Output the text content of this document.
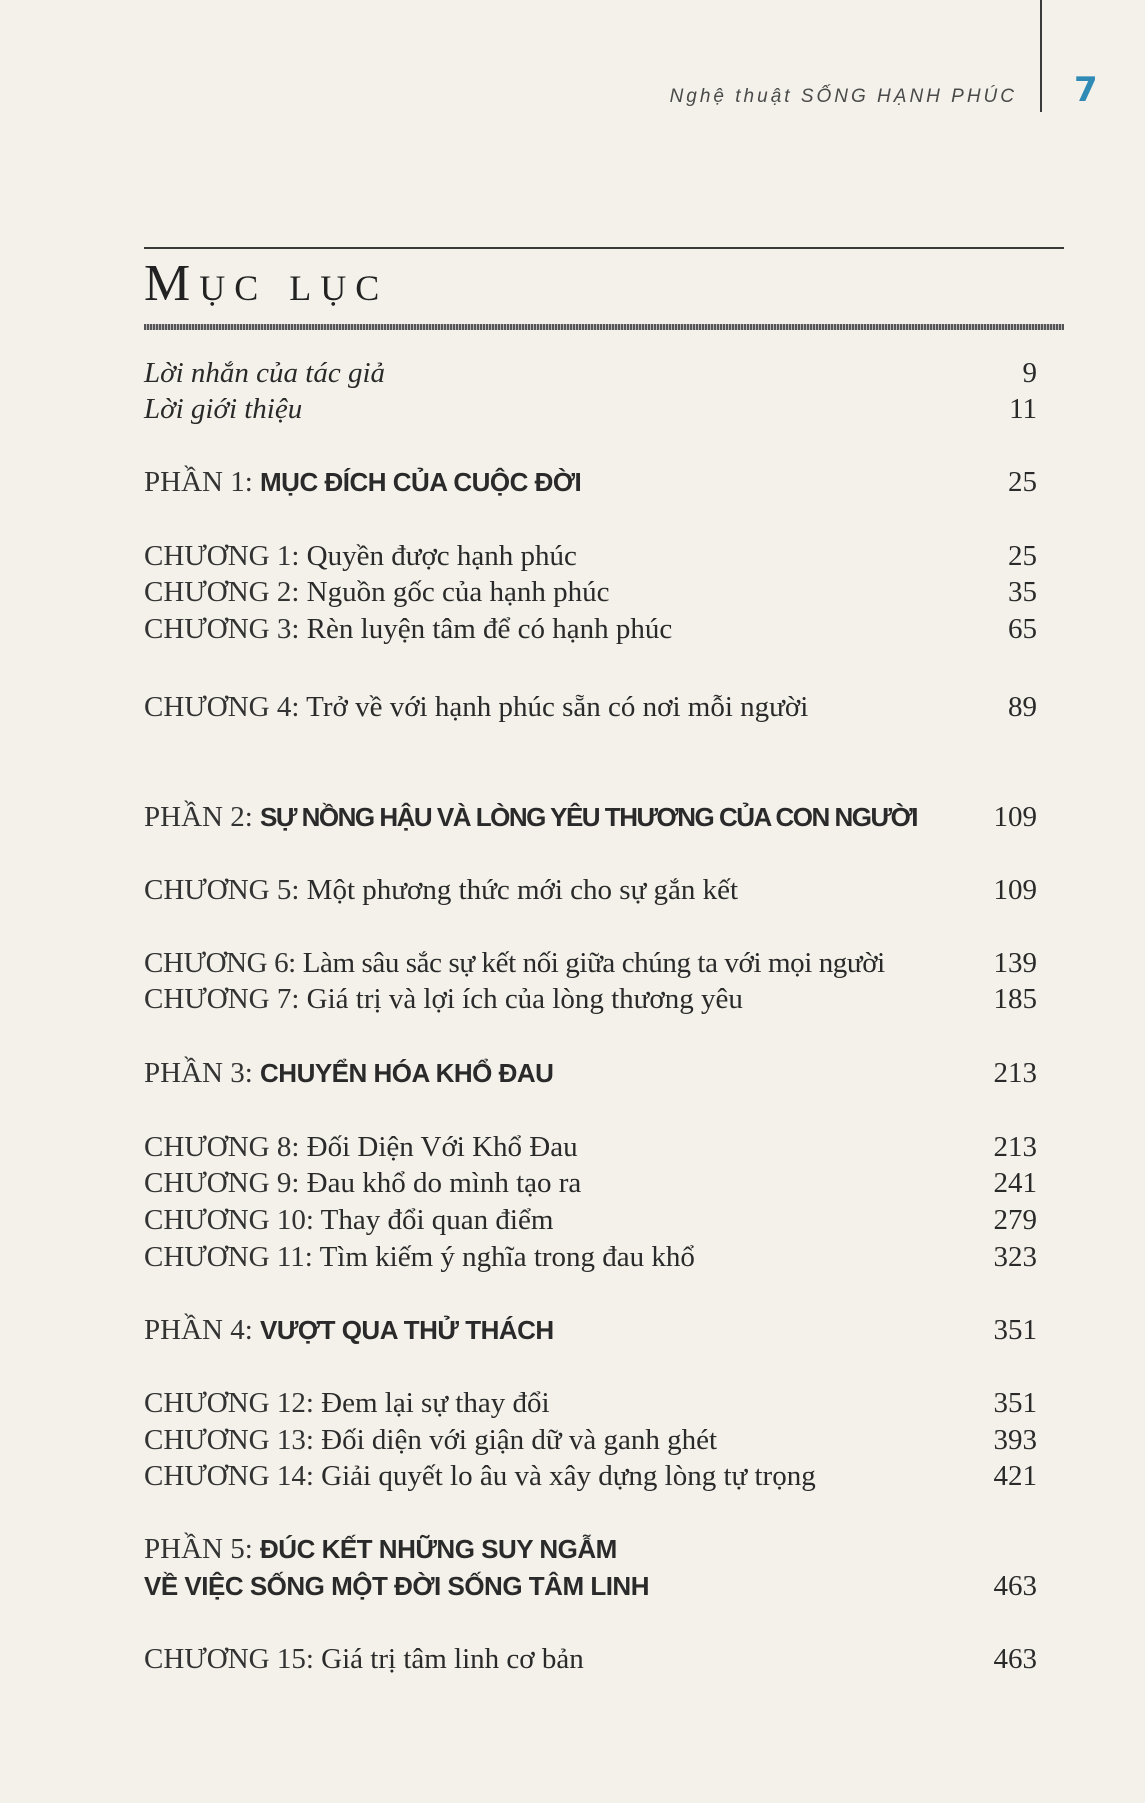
Nghệ thuật SỐNG HẠNH PHÚC 7
Mục lục
Lời nhắn của tác giả	9
Lời giới thiệu	11
PHẦN 1: MỤC ĐÍCH CỦA CUỘC ĐỜI	25
CHƯƠNG 1: Quyền được hạnh phúc	25
CHƯƠNG 2: Nguồn gốc của hạnh phúc	35
CHƯƠNG 3: Rèn luyện tâm để có hạnh phúc	65
CHƯƠNG 4: Trở về với hạnh phúc sẵn có nơi mỗi người	89
PHẦN 2: SỰ NỒNG HẬU VÀ LÒNG YÊU THƯƠNG CỦA CON NGƯỜI	109
CHƯƠNG 5: Một phương thức mới cho sự gắn kết	109
CHƯƠNG 6: Làm sâu sắc sự kết nối giữa chúng ta với mọi người	139
CHƯƠNG 7: Giá trị và lợi ích của lòng thương yêu	185
PHẦN 3: CHUYỂN HÓA KHỔ ĐAU	213
CHƯƠNG 8: Đối Diện Với Khổ Đau	213
CHƯƠNG 9: Đau khổ do mình tạo ra	241
CHƯƠNG 10: Thay đổi quan điểm	279
CHƯƠNG 11: Tìm kiếm ý nghĩa trong đau khổ	323
PHẦN 4: VƯỢT QUA THỬ THÁCH	351
CHƯƠNG 12: Đem lại sự thay đổi	351
CHƯƠNG 13: Đối diện với giận dữ và ganh ghét	393
CHƯƠNG 14: Giải quyết lo âu và xây dựng lòng tự trọng	421
PHẦN 5: ĐÚC KẾT NHỮNG SUY NGẪM
VỀ VIỆC SỐNG MỘT ĐỜI SỐNG TÂM LINH	463
CHƯƠNG 15: Giá trị tâm linh cơ bản	463
